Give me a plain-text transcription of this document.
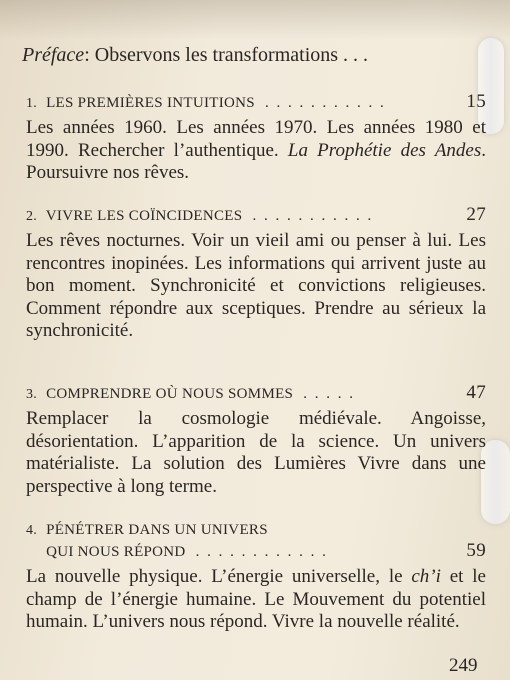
Préface: Observons les transformations . . .
1. LES PREMIÈRES INTUITIONS . . . . . . . . . . .	15
Les années 1960. Les années 1970. Les années 1980 et 1990. Rechercher l’authentique. La Prophétie des Andes. Poursuivre nos rêves.
2. VIVRE LES COÏNCIDENCES . . . . . . . . . . .	27
Les rêves nocturnes. Voir un vieil ami ou penser à lui. Les rencontres inopinées. Les informations qui arrivent juste au bon moment. Synchronicité et convictions religieuses. Comment répondre aux sceptiques. Prendre au sérieux la synchronicité.
3. COMPRENDRE OÙ NOUS SOMMES . . . . .	47
Remplacer la cosmologie médiévale. Angoisse, désorientation. L’apparition de la science. Un univers matérialiste. La solution des Lumières Vivre dans une perspective à long terme.
4. PÉNÉTRER DANS UN UNIVERS
QUI NOUS RÉPOND . . . . . . . . . . . .	59
La nouvelle physique. L’énergie universelle, le ch’i et le champ de l’énergie humaine. Le Mouvement du potentiel humain. L’univers nous répond. Vivre la nouvelle réalité.
249
